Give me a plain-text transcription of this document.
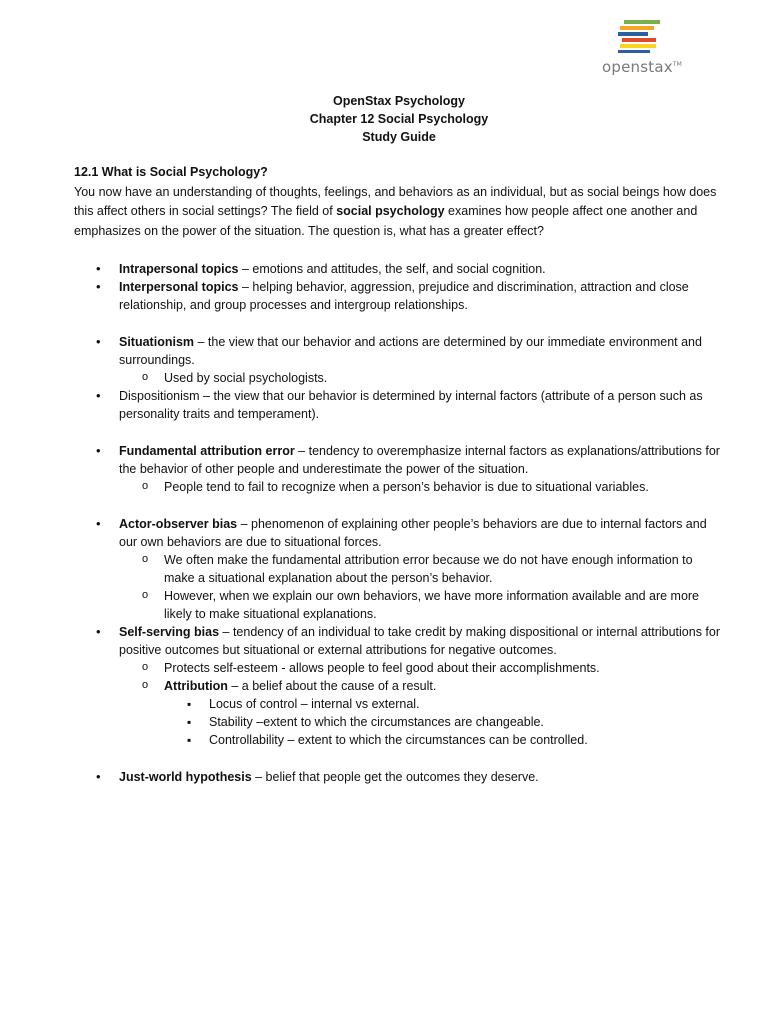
openstax™
OpenStax Psychology
Chapter 12 Social Psychology
Study Guide

12.1 What is Social Psychology?

You now have an understanding of thoughts, feelings, and behaviors as an individual, but as social beings how does this affect others in social settings? The field of social psychology examines how people affect one another and emphasizes on the power of the situation. The question is, what has a greater effect?

• Intrapersonal topics – emotions and attitudes, the self, and social cognition.
• Interpersonal topics – helping behavior, aggression, prejudice and discrimination, attraction and close relationship, and group processes and intergroup relationships.
• Situationism – the view that our behavior and actions are determined by our immediate environment and surroundings.
o Used by social psychologists.
• Dispositionism – the view that our behavior is determined by internal factors (attribute of a person such as personality traits and temperament).
• Fundamental attribution error – tendency to overemphasize internal factors as explanations/attributions for the behavior of other people and underestimate the power of the situation.
o People tend to fail to recognize when a person’s behavior is due to situational variables.
• Actor-observer bias – phenomenon of explaining other people’s behaviors are due to internal factors and our own behaviors are due to situational forces.
o We often make the fundamental attribution error because we do not have enough information to make a situational explanation about the person’s behavior.
o However, when we explain our own behaviors, we have more information available and are more likely to make situational explanations.
• Self-serving bias – tendency of an individual to take credit by making dispositional or internal attributions for positive outcomes but situational or external attributions for negative outcomes.
o Protects self-esteem - allows people to feel good about their accomplishments.
o Attribution – a belief about the cause of a result.
▪ Locus of control – internal vs external.
▪ Stability –extent to which the circumstances are changeable.
▪ Controllability – extent to which the circumstances can be controlled.
• Just-world hypothesis – belief that people get the outcomes they deserve.
